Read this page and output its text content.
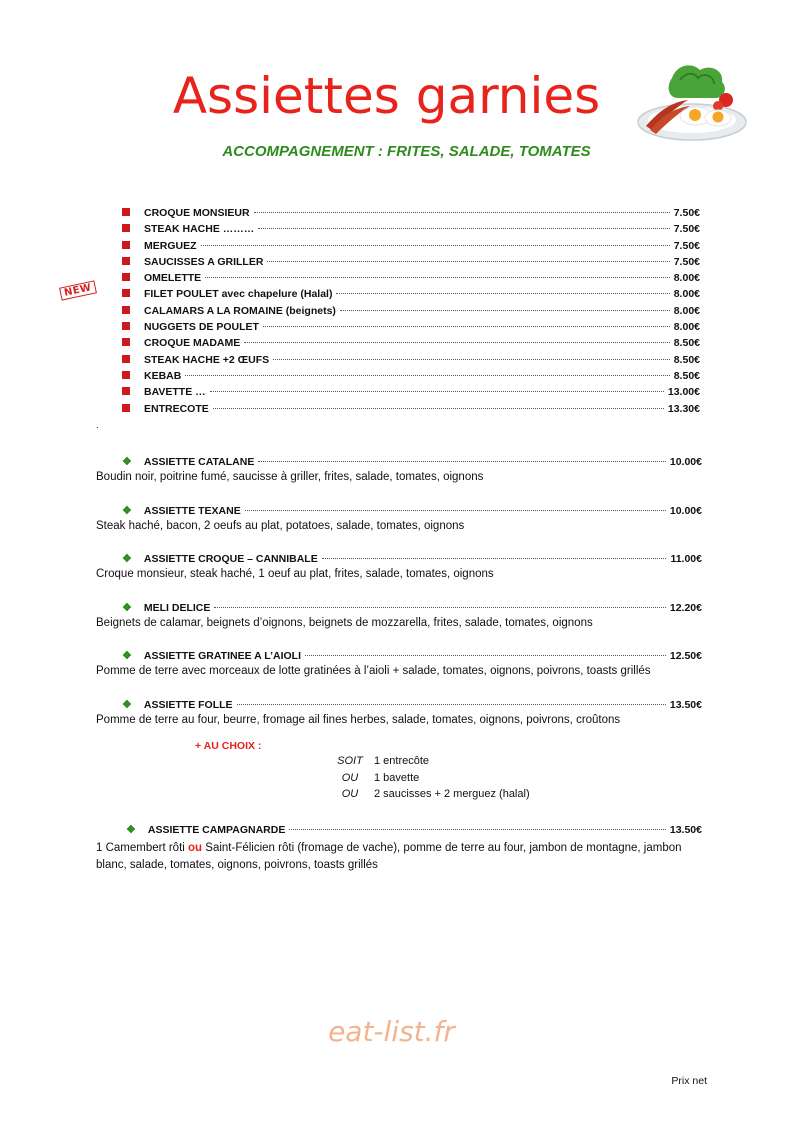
Assiettes garnies
ACCOMPAGNEMENT : FRITES, SALADE, TOMATES
NEW
CROQUE MONSIEUR	7.50€
STEAK HACHE ………	7.50€
MERGUEZ	7.50€
SAUCISSES A GRILLER	7.50€
OMELETTE	8.00€
FILET POULET avec chapelure (Halal)	8.00€
CALAMARS A LA ROMAINE (beignets)	8.00€
NUGGETS DE POULET	8.00€
CROQUE MADAME	8.50€
STEAK HACHE +2 ŒUFS	8.50€
KEBAB	8.50€
BAVETTE …	13.00€
ENTRECOTE	13.30€
.
❖ ASSIETTE CATALANE	10.00€
Boudin noir, poitrine fumé, saucisse à griller, frites, salade, tomates, oignons
❖ ASSIETTE TEXANE	10.00€
Steak haché, bacon, 2 oeufs au plat, potatoes, salade, tomates, oignons
❖ ASSIETTE CROQUE – CANNIBALE	11.00€
Croque monsieur, steak haché, 1 oeuf au plat, frites, salade, tomates, oignons
❖ MELI DELICE	12.20€
Beignets de calamar, beignets d’oignons, beignets de mozzarella, frites, salade, tomates, oignons
❖ ASSIETTE GRATINEE A L’AIOLI	12.50€
Pomme de terre avec morceaux de lotte gratinées à l’aioli + salade, tomates, oignons, poivrons, toasts grillés
❖ ASSIETTE FOLLE	13.50€
Pomme de terre au four, beurre, fromage ail fines herbes, salade, tomates, oignons, poivrons, croûtons
+ AU CHOIX :
SOIT	1 entrecôte
OU	1 bavette
OU	2 saucisses + 2 merguez (halal)
❖ ASSIETTE CAMPAGNARDE	13.50€
1 Camembert rôti ou Saint-Félicien rôti (fromage de vache), pomme de terre au four, jambon de montagne, jambon blanc, salade, tomates, oignons, poivrons, toasts grillés
eat-list.fr
Prix net
